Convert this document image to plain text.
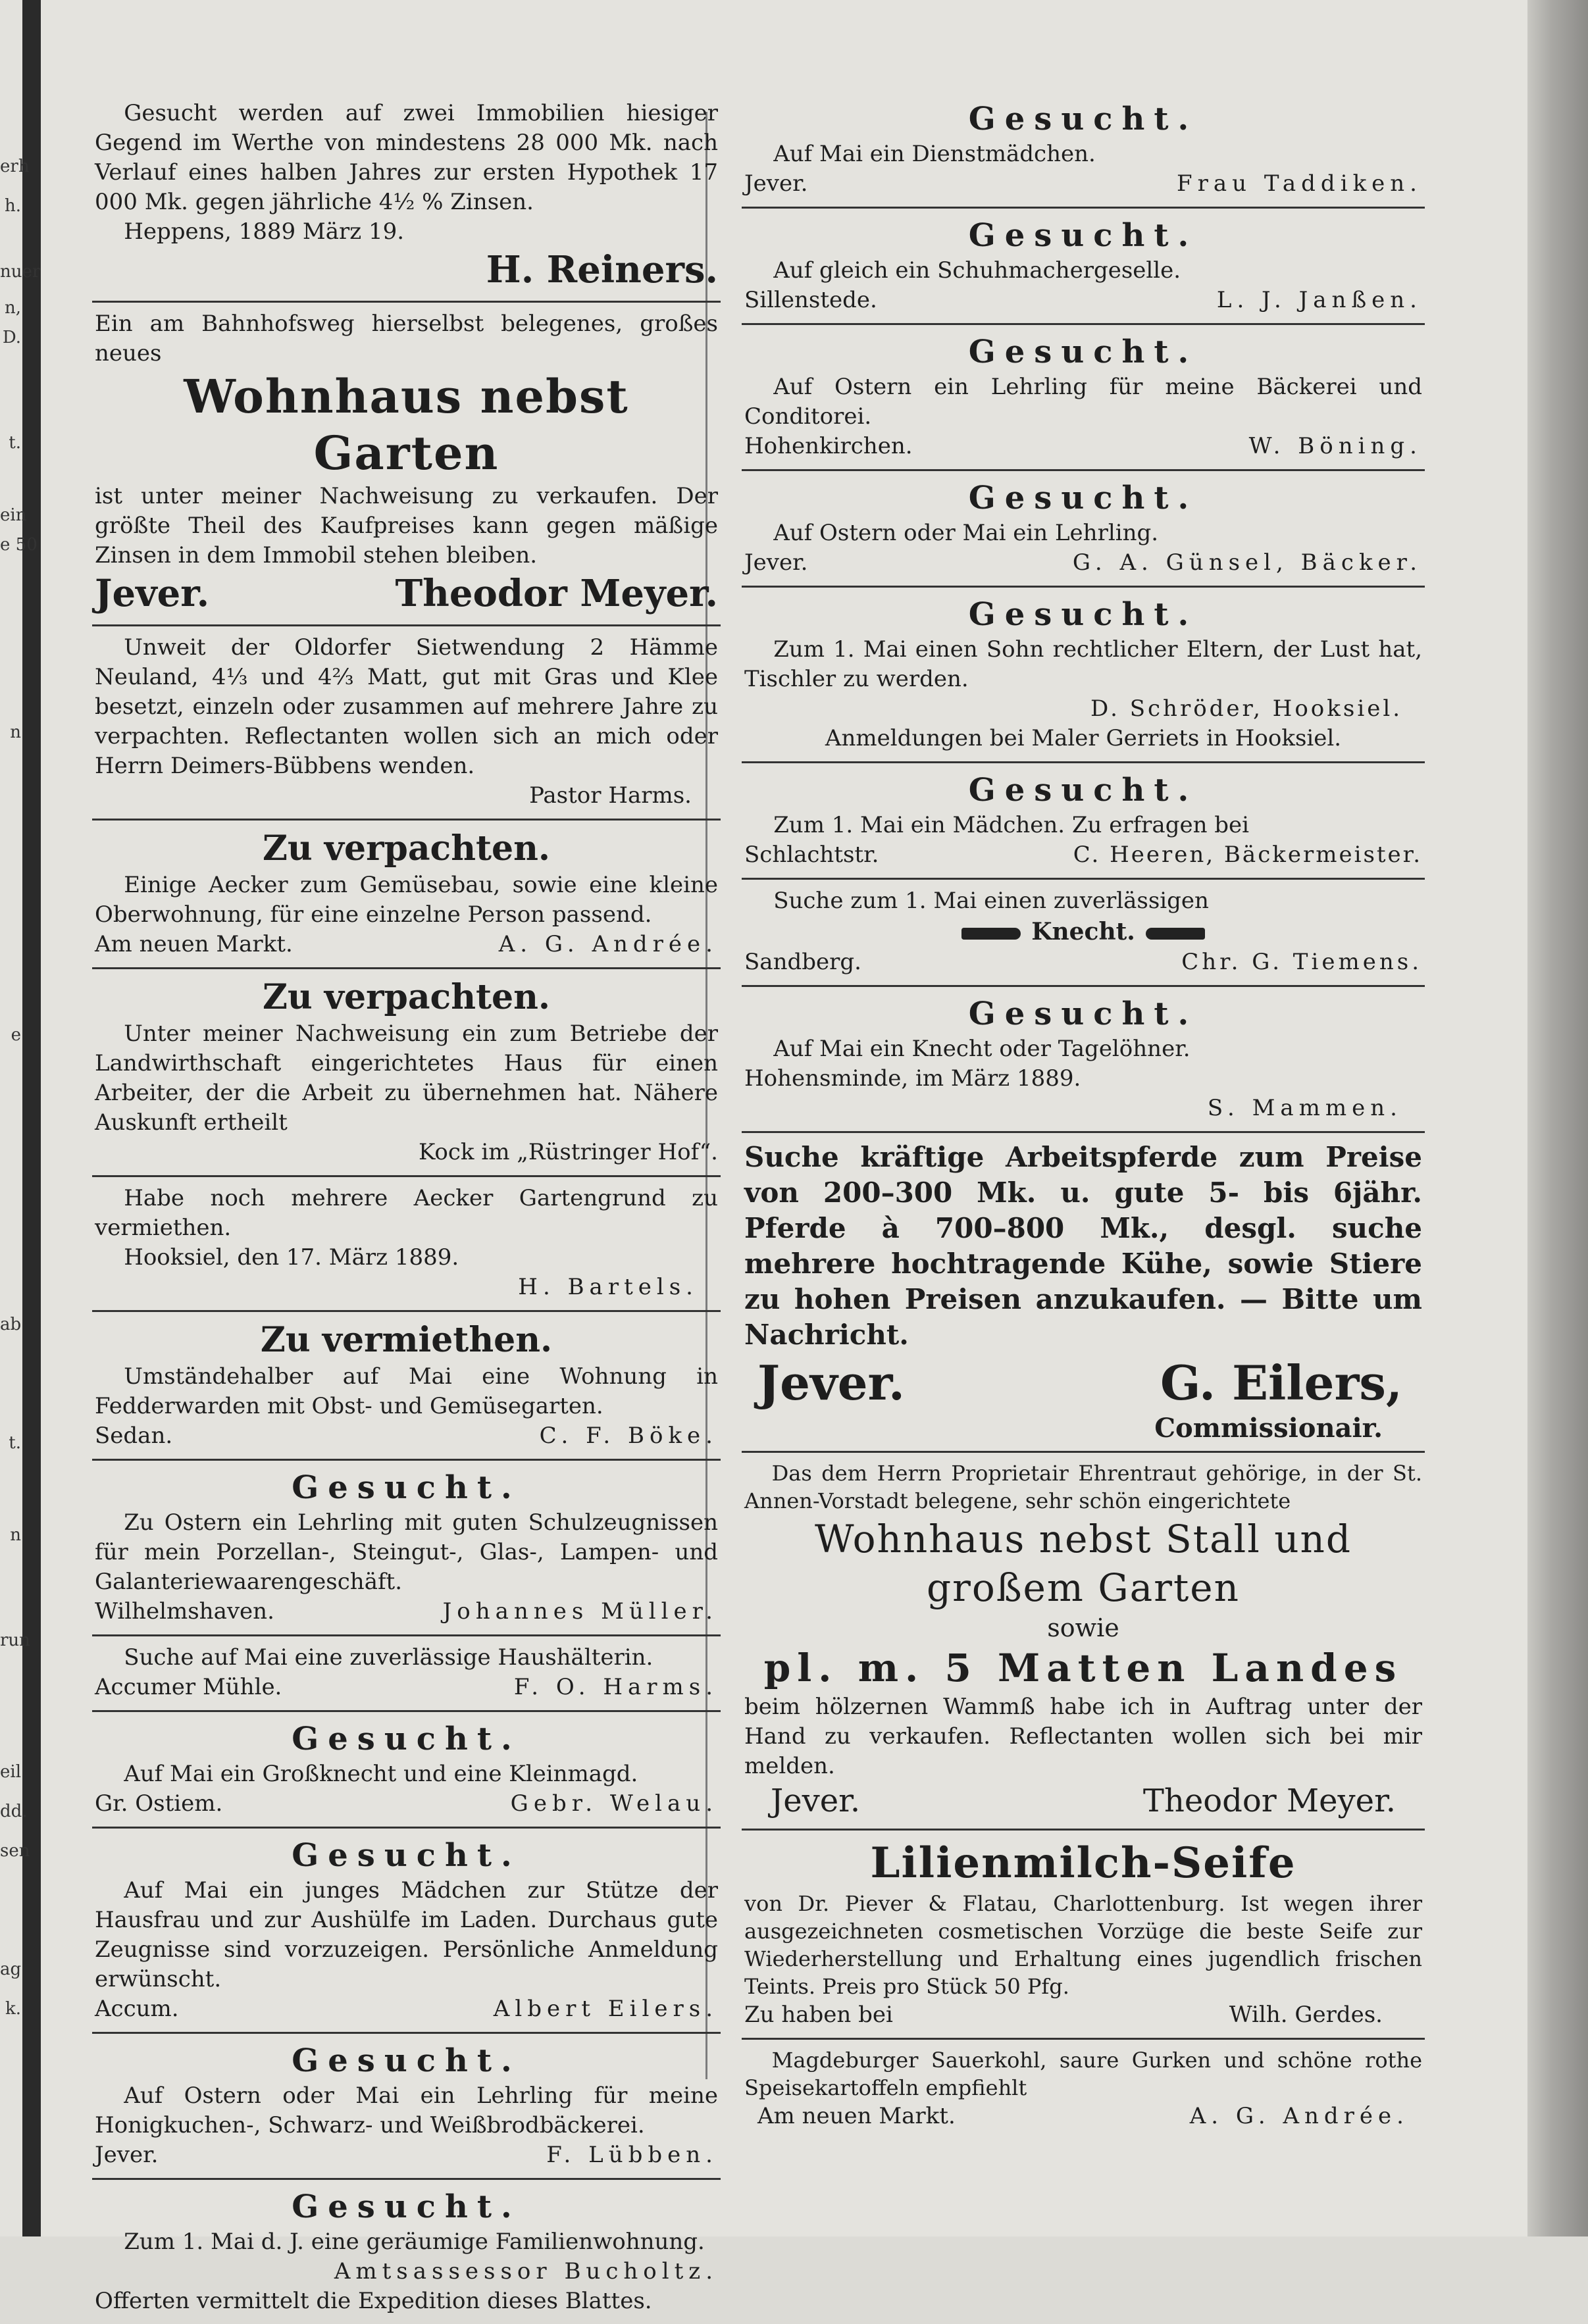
erh
h.
nuer
n,
D.
t.
ein
e 50
n
e
ab
t.
n
run
eil
dd.
sen
ag
k.

Gesucht werden auf zwei Immobilien hiesiger Gegend im Werthe von mindestens 28 000 Mk. nach Verlauf eines halben Jahres zur ersten Hypothek 17 000 Mk. gegen jährliche 4½ % Zinsen.

Heppens, 1889 März 19.

H. Reiners.

Ein am Bahnhofsweg hierselbst belegenes, großes neues

Wohnhaus nebst Garten

ist unter meiner Nachweisung zu verkaufen. Der größte Theil des Kaufpreises kann gegen mäßige Zinsen in dem Immobil stehen bleiben.

Jever.	Theodor Meyer.

Unweit der Oldorfer Sietwendung 2 Hämme Neuland, 4⅓ und 4⅔ Matt, gut mit Gras und Klee besetzt, einzeln oder zusammen auf mehrere Jahre zu verpachten. Reflectanten wollen sich an mich oder Herrn Deimers-Bübbens wenden.

Pastor Harms.
Zu verpachten.

Einige Aecker zum Gemüsebau, sowie eine kleine Oberwohnung, für eine einzelne Person passend.

Am neuen Markt.	A. G. Andrée.
Zu verpachten.

Unter meiner Nachweisung ein zum Betriebe der Landwirthschaft eingerichtetes Haus für einen Arbeiter, der die Arbeit zu übernehmen hat. Nähere Auskunft ertheilt

Kock im „Rüstringer Hof“.

Habe noch mehrere Aecker Gartengrund zu vermiethen.

Hooksiel, den 17. März 1889.

H. Bartels.
Zu vermiethen.

Umständehalber auf Mai eine Wohnung in Fedderwarden mit Obst- und Gemüsegarten.

Sedan.	C. F. Böke.
Gesucht.

Zu Ostern ein Lehrling mit guten Schulzeugnissen für mein Porzellan-, Steingut-, Glas-, Lampen- und Galanteriewaarengeschäft.

Wilhelmshaven.	Johannes Müller.

Suche auf Mai eine zuverlässige Haushälterin.

Accumer Mühle.	F. O. Harms.
Gesucht.

Auf Mai ein Großknecht und eine Kleinmagd.

Gr. Ostiem.	Gebr. Welau.
Gesucht.

Auf Mai ein junges Mädchen zur Stütze der Hausfrau und zur Aushülfe im Laden. Durchaus gute Zeugnisse sind vorzuzeigen. Persönliche Anmeldung erwünscht.

Accum.	Albert Eilers.
Gesucht.

Auf Ostern oder Mai ein Lehrling für meine Honigkuchen-, Schwarz- und Weißbrodbäckerei.

Jever.	F. Lübben.
Gesucht.

Zum 1. Mai d. J. eine geräumige Familienwohnung.

Amtsassessor Bucholtz.

Offerten vermittelt die Expedition dieses Blattes.

Gesucht.

Auf Mai ein Dienstmädchen.

Jever.	Frau Taddiken.
Gesucht.

Auf gleich ein Schuhmachergeselle.

Sillenstede.	L. J. Janßen.
Gesucht.

Auf Ostern ein Lehrling für meine Bäckerei und Conditorei.

Hohenkirchen.	W. Böning.
Gesucht.

Auf Ostern oder Mai ein Lehrling.

Jever.	G. A. Günsel, Bäcker.
Gesucht.

Zum 1. Mai einen Sohn rechtlicher Eltern, der Lust hat, Tischler zu werden.

D. Schröder, Hooksiel.

Anmeldungen bei Maler Gerriets in Hooksiel.

Gesucht.

Zum 1. Mai ein Mädchen. Zu erfragen bei

Schlachtstr.	C. Heeren, Bäckermeister.

Suche zum 1. Mai einen zuverlässigen

Knecht.
Sandberg.	Chr. G. Tiemens.
Gesucht.

Auf Mai ein Knecht oder Tagelöhner.

Hohensminde, im März 1889.

S. Mammen.

Suche kräftige Arbeitspferde zum Preise von 200–300 Mk. u. gute 5- bis 6jähr. Pferde à 700–800 Mk., desgl. suche mehrere hochtragende Kühe, sowie Stiere zu hohen Preisen anzukaufen. — Bitte um Nachricht.

Jever.	G. Eilers,
Commissionair.

Das dem Herrn Proprietair Ehrentraut gehörige, in der St. Annen-Vorstadt belegene, sehr schön eingerichtete

Wohnhaus nebst Stall und großem Garten
sowie
pl. m. 5 Matten Landes

beim hölzernen Wammß habe ich in Auftrag unter der Hand zu verkaufen. Reflectanten wollen sich bei mir melden.

Jever.	Theodor Meyer.
Lilienmilch-Seife

von Dr. Piever & Flatau, Charlottenburg. Ist wegen ihrer ausgezeichneten cosmetischen Vorzüge die beste Seife zur Wiederherstellung und Erhaltung eines jugendlich frischen Teints. Preis pro Stück 50 Pfg.

Zu haben bei	Wilh. Gerdes.

Magdeburger Sauerkohl, saure Gurken und schöne rothe Speisekartoffeln empfiehlt

Am neuen Markt.	A. G. Andrée.
